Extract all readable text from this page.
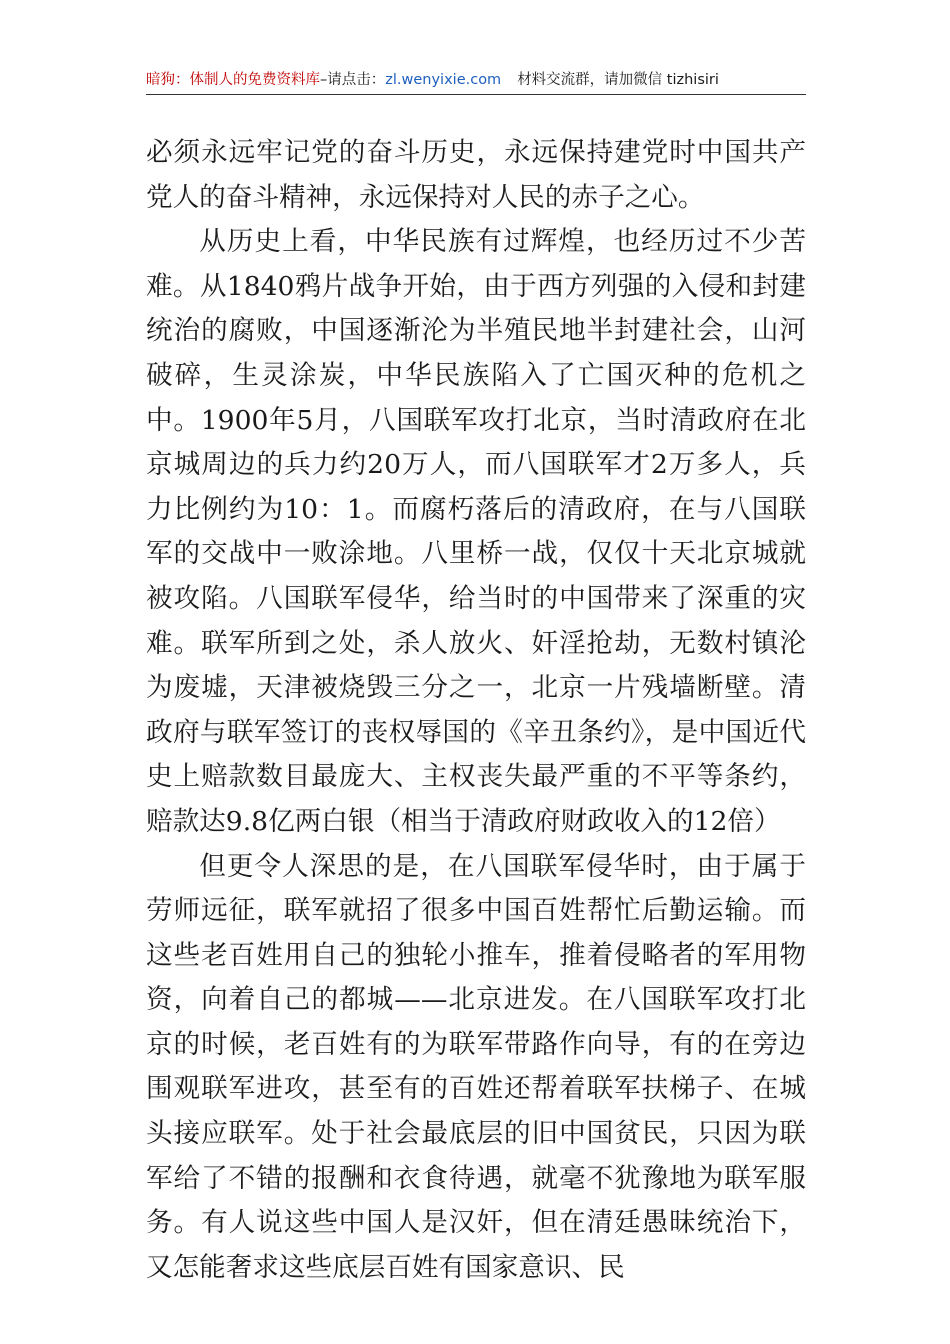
暗狗：体制人的免费资料库–请点击：zl.wenyixie.com 材料交流群，请加微信 tizhisiri

必须永远牢记党的奋斗历史，永远保持建党时中国共产党人的奋斗精神，永远保持对人民的赤子之心。

从历史上看，中华民族有过辉煌，也经历过不少苦难。从1840鸦片战争开始，由于西方列强的入侵和封建统治的腐败，中国逐渐沦为半殖民地半封建社会，山河破碎，生灵涂炭，中华民族陷入了亡国灭种的危机之中。1900年5月，八国联军攻打北京，当时清政府在北京城周边的兵力约20万人，而八国联军才2万多人，兵力比例约为10：1。而腐朽落后的清政府，在与八国联军的交战中一败涂地。八里桥一战，仅仅十天北京城就被攻陷。八国联军侵华，给当时的中国带来了深重的灾难。联军所到之处，杀人放火、奸淫抢劫，无数村镇沦为废墟，天津被烧毁三分之一，北京一片残墙断壁。清政府与联军签订的丧权辱国的《辛丑条约》，是中国近代史上赔款数目最庞大、主权丧失最严重的不平等条约，赔款达9.8亿两白银（相当于清政府财政收入的12倍）

但更令人深思的是，在八国联军侵华时，由于属于劳师远征，联军就招了很多中国百姓帮忙后勤运输。而这些老百姓用自己的独轮小推车，推着侵略者的军用物资，向着自己的都城——北京进发。在八国联军攻打北京的时候，老百姓有的为联军带路作向导，有的在旁边围观联军进攻，甚至有的百姓还帮着联军扶梯子、在城头接应联军。处于社会最底层的旧中国贫民，只因为联军给了不错的报酬和衣食待遇，就毫不犹豫地为联军服务。有人说这些中国人是汉奸，但在清廷愚昧统治下，又怎能奢求这些底层百姓有国家意识、民
